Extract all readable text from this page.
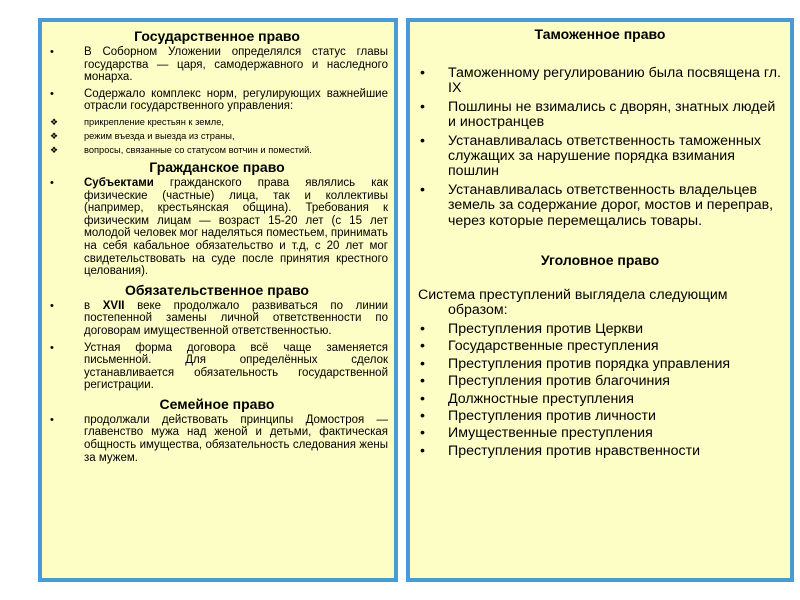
Государственное право
•	В Соборном Уложении определялся статус главы государства — царя, самодержавного и наследного монарха.
•	Содержало комплекс норм, регулирующих важнейшие отрасли государственного управления:
❖	прикрепление крестьян к земле,
❖	режим въезда и выезда из страны,
❖	вопросы, связанные со статусом вотчин и поместий.
Гражданское право
•	Субъектами гражданского права являлись как физические (частные) лица, так и коллективы (например, крестьянская община). Требования к физическим лицам — возраст 15-20 лет (с 15 лет молодой человек мог наделяться поместьем, принимать на себя кабальное обязательство и т.д, с 20 лет мог свидетельствовать на суде после принятия крестного целования).
Обязательственное право
•	в XVII веке продолжало развиваться по линии постепенной замены личной ответственности по договорам имущественной ответственностью.
•	Устная форма договора всё чаще заменяется письменной. Для определённых сделок устанавливается обязательность государственной регистрации.
Семейное право
•	продолжали действовать принципы Домостроя — главенство мужа над женой и детьми, фактическая общность имущества, обязательность следования жены за мужем.
Таможенное право
• Таможенному регулированию была посвящена гл. IX
• Пошлины не взимались с дворян, знатных людей и иностранцев
• Устанавливалась ответственность таможенных служащих за нарушение порядка взимания пошлин
• Устанавливалась ответственность владельцев земель за содержание дорог, мостов и переправ, через которые перемещались товары.
Уголовное право
Система преступлений выглядела следующим
образом:
• Преступления против Церкви
• Государственные преступления
• Преступления против порядка управления
• Преступления против благочиния
• Должностные преступления
• Преступления против личности
• Имущественные преступления
• Преступления против нравственности
